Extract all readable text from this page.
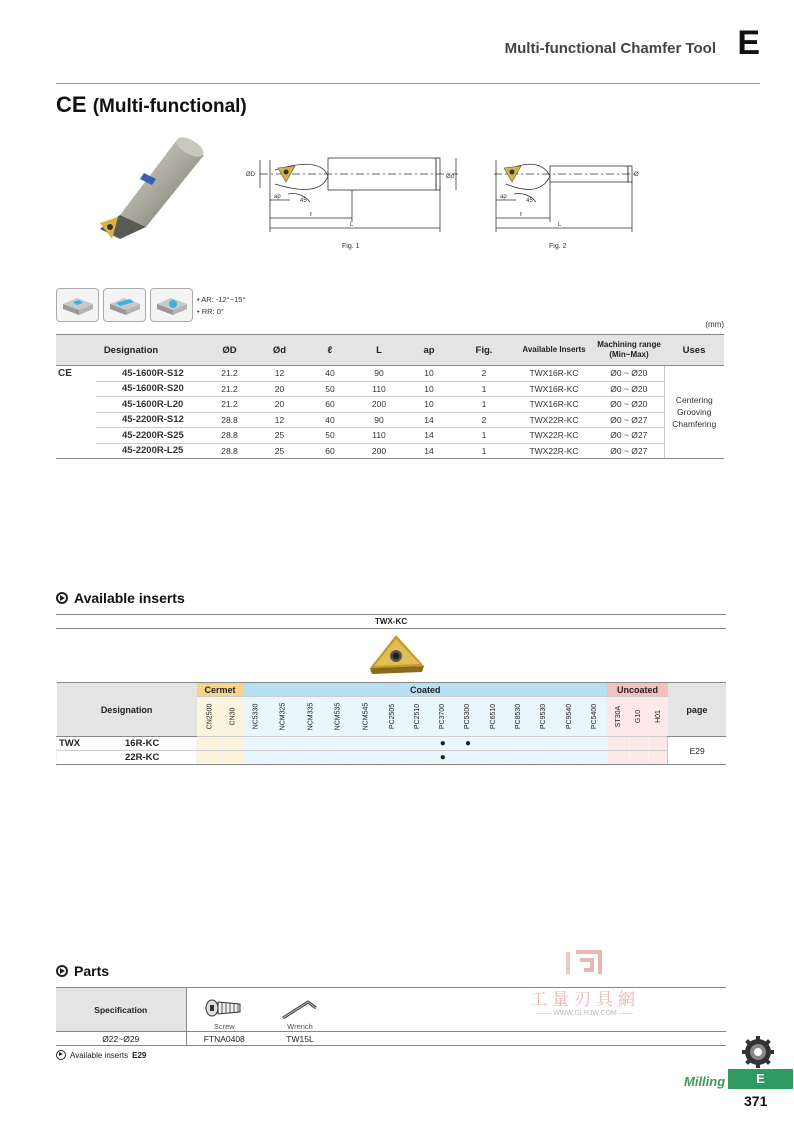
Multi-functional Chamfer Tool E
CE (Multi-functional)
ØD	Ød
ap
45
ℓ
L
Fig. 1
Ø
ap
45
ℓ
L
Fig. 2
• AR: -12°~15°
• RR: 0°
(mm)
Designation		ØD	Ød	ℓ	L	ap	Fig.	Available Inserts	Machining range (Min~Max)	Uses
CE	45-1600R-S12	21.2	12	40	90	10	2	TWX16R-KC	Ø0 ~ Ø20	Centering
Grooving
Chamfering

	45-1600R-S20	21.2	20	50	110	10	1	TWX16R-KC	Ø0 ~ Ø20	
	45-1600R-L20	21.2	20	60	200	10	1	TWX16R-KC	Ø0 ~ Ø20	
	45-2200R-S12	28.8	12	40	90	14	2	TWX22R-KC	Ø0 ~ Ø27	
	45-2200R-S25	28.8	25	50	110	14	1	TWX22R-KC	Ø0 ~ Ø27	
	45-2200R-L25	28.8	25	60	200	14	1	TWX22R-KC	Ø0 ~ Ø27	
Available inserts
TWX-KC
Designation	Cermet		Coated														Uncoated			page
	CN2500	CN30	NC5330	NCM325	NCM335	NCM535	NCM545	PC2505	PC2510	PC3700	PC5300	PC6510	PC8530	PC9530	PC9540	PC5400	ST30A	G10	H01	
TWX 16R-KC										●	●									E29
22R-KC										●										
Parts
Specification	Screw	Wrench	

Ø22~Ø29	FTNA0408	TW15L	
Available inserts E29
工量刃具網
—— WWW.GLRJW.COM ——
Milling	E
371
